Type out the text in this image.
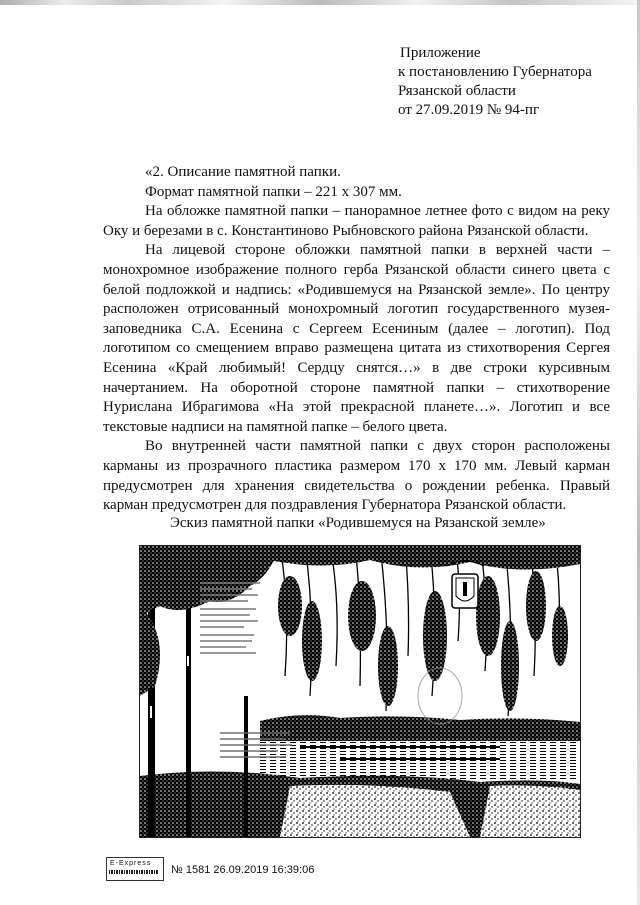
Приложение
к постановлению Губернатора
Рязанской области
от 27.09.2019 № 94-пг

«2. Описание памятной папки.

Формат памятной папки – 221 х 307 мм.

На обложке памятной папки – панорамное летнее фото с видом на реку Оку и березами в с. Константиново Рыбновского района Рязанской области.

На лицевой стороне обложки памятной папки в верхней части – монохромное изображение полного герба Рязанской области синего цвета с белой подложкой и надпись: «Родившемуся на Рязанской земле». По центру расположен отрисованный монохромный логотип государственного музея-заповедника С.А. Есенина с Сергеем Есениным (далее – логотип). Под логотипом со смещением вправо размещена цитата из стихотворения Сергея Есенина «Край любимый! Сердцу снятся…» в две строки курсивным начертанием. На оборотной стороне памятной папки – стихотворение Нурислана Ибрагимова «На этой прекрасной планете…». Логотип и все текстовые надписи на памятной папке – белого цвета.

Во внутренней части памятной папки с двух сторон расположены карманы из прозрачного пластика размером 170 х 170 мм. Левый карман предусмотрен для хранения свидетельства о рождении ребенка. Правый карман предусмотрен для поздравления Губернатора Рязанской области.

Эскиз памятной папки «Родившемуся на Рязанской земле»
E-Express
№ 1581 26.09.2019 16:39:06
